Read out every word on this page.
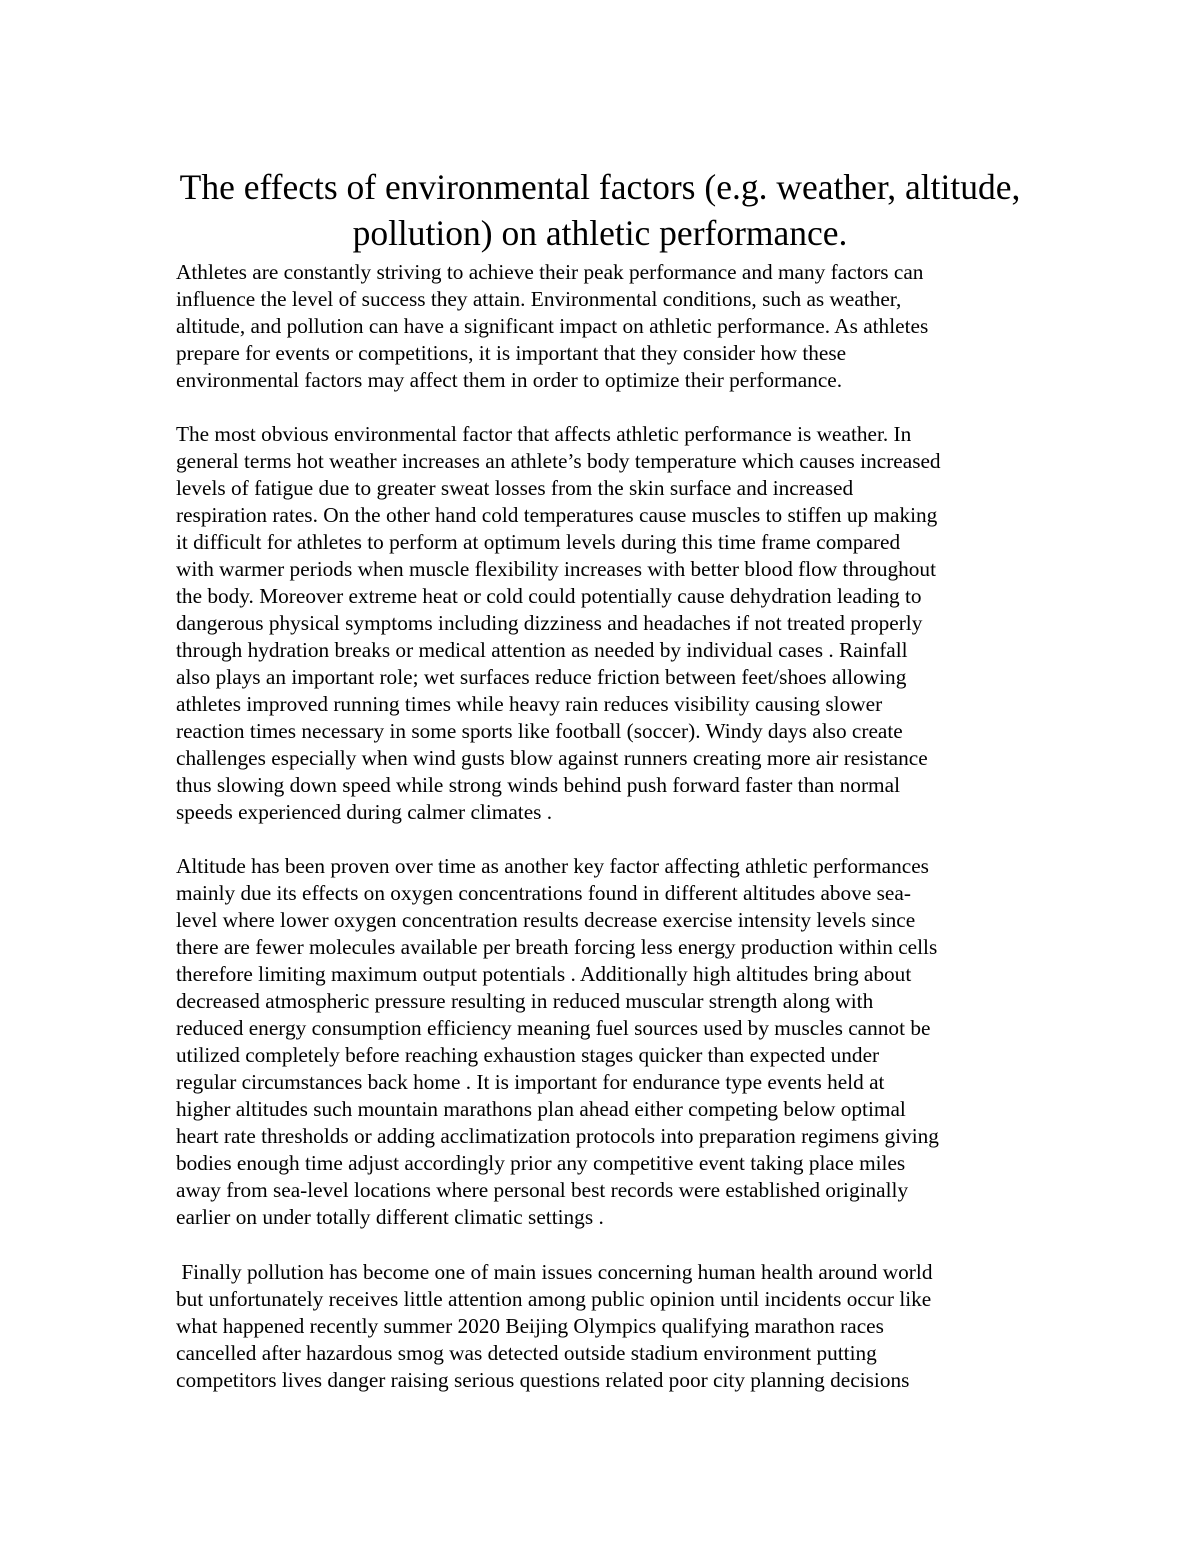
The effects of environmental factors (e.g. weather, altitude,
pollution) on athletic performance.

Athletes are constantly striving to achieve their peak performance and many factors can
influence the level of success they attain. Environmental conditions, such as weather,
altitude, and pollution can have a significant impact on athletic performance. As athletes
prepare for events or competitions, it is important that they consider how these
environmental factors may affect them in order to optimize their performance.

The most obvious environmental factor that affects athletic performance is weather. In
general terms hot weather increases an athlete’s body temperature which causes increased
levels of fatigue due to greater sweat losses from the skin surface and increased
respiration rates. On the other hand cold temperatures cause muscles to stiffen up making
it difficult for athletes to perform at optimum levels during this time frame compared
with warmer periods when muscle flexibility increases with better blood flow throughout
the body. Moreover extreme heat or cold could potentially cause dehydration leading to
dangerous physical symptoms including dizziness and headaches if not treated properly
through hydration breaks or medical attention as needed by individual cases . Rainfall
also plays an important role; wet surfaces reduce friction between feet/shoes allowing
athletes improved running times while heavy rain reduces visibility causing slower
reaction times necessary in some sports like football (soccer). Windy days also create
challenges especially when wind gusts blow against runners creating more air resistance
thus slowing down speed while strong winds behind push forward faster than normal
speeds experienced during calmer climates .

Altitude has been proven over time as another key factor affecting athletic performances
mainly due its effects on oxygen concentrations found in different altitudes above sea-
level where lower oxygen concentration results decrease exercise intensity levels since
there are fewer molecules available per breath forcing less energy production within cells
therefore limiting maximum output potentials . Additionally high altitudes bring about
decreased atmospheric pressure resulting in reduced muscular strength along with
reduced energy consumption efficiency meaning fuel sources used by muscles cannot be
utilized completely before reaching exhaustion stages quicker than expected under
regular circumstances back home . It is important for endurance type events held at
higher altitudes such mountain marathons plan ahead either competing below optimal
heart rate thresholds or adding acclimatization protocols into preparation regimens giving
bodies enough time adjust accordingly prior any competitive event taking place miles
away from sea-level locations where personal best records were established originally
earlier on under totally different climatic settings .

Finally pollution has become one of main issues concerning human health around world
but unfortunately receives little attention among public opinion until incidents occur like
what happened recently summer 2020 Beijing Olympics qualifying marathon races
cancelled after hazardous smog was detected outside stadium environment putting
competitors lives danger raising serious questions related poor city planning decisions
